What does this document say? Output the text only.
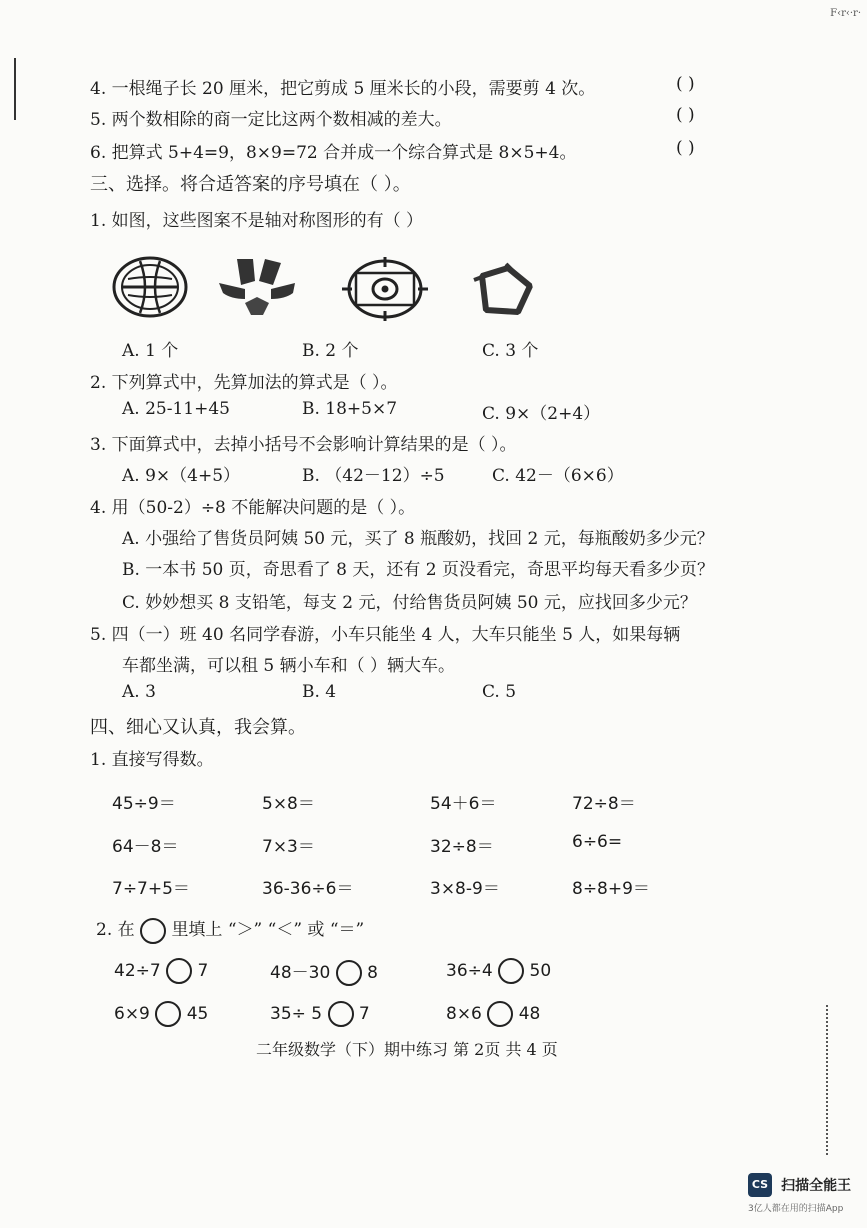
F‹r‹·r·
4. 一根绳子长 20 厘米，把它剪成 5 厘米长的小段，需要剪 4 次。	( )
5. 两个数相除的商一定比这两个数相减的差大。	( )
6. 把算式 5+4=9，8×9=72 合并成一个综合算式是 8×5+4。	( )
三、选择。将合适答案的序号填在（ ）。
1. 如图，这些图案不是轴对称图形的有（ ）
A. 1 个	B. 2 个	C. 3 个
2. 下列算式中，先算加法的算式是（ ）。
A. 25-11+45	B. 18+5×7	C. 9×（2+4）
3. 下面算式中，去掉小括号不会影响计算结果的是（ ）。
A. 9×（4+5）	B. （42－12）÷5	C. 42－（6×6）
4. 用（50-2）÷8 不能解决问题的是（ ）。
A. 小强给了售货员阿姨 50 元，买了 8 瓶酸奶，找回 2 元，每瓶酸奶多少元？
B. 一本书 50 页，奇思看了 8 天，还有 2 页没看完，奇思平均每天看多少页？
C. 妙妙想买 8 支铅笔，每支 2 元，付给售货员阿姨 50 元，应找回多少元？
5. 四（一）班 40 名同学春游，小车只能坐 4 人，大车只能坐 5 人，如果每辆
车都坐满，可以租 5 辆小车和（ ）辆大车。
A. 3	B. 4	C. 5
四、细心又认真，我会算。
1. 直接写得数。
45÷9＝	5×8＝	54＋6＝	72÷8＝
64－8＝	7×3＝	32÷8＝	6÷6=
7÷7+5＝	36-36÷6＝	3×8-9＝	8÷8+9＝
2. 在 里填上 “＞” “＜” 或 “＝”
42÷7 7	48－30 8	36÷4 50
6×9 45	35÷ 5 7	8×6 48
二年级数学（下）期中练习 第 2页 共 4 页
CS 扫描全能王
3亿人都在用的扫描App
